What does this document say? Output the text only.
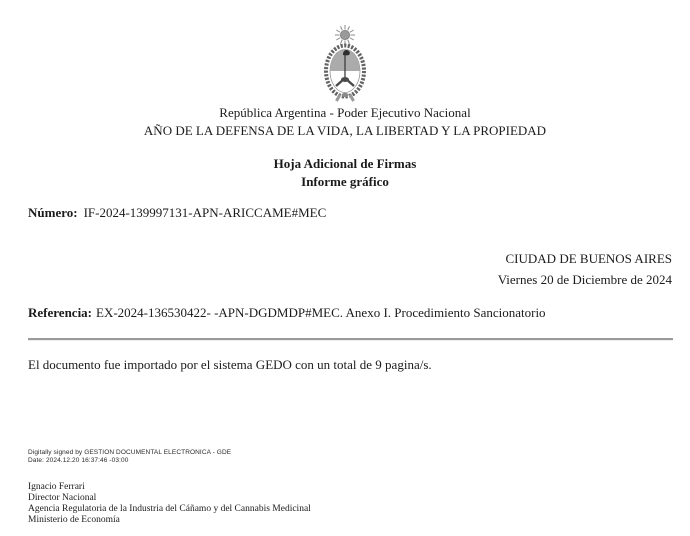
República Argentina - Poder Ejecutivo Nacional
AÑO DE LA DEFENSA DE LA VIDA, LA LIBERTAD Y LA PROPIEDAD
Hoja Adicional de Firmas
Informe gráfico
Número: IF-2024-139997131-APN-ARICCAME#MEC
CIUDAD DE BUENOS AIRES
Viernes 20 de Diciembre de 2024
Referencia: EX-2024-136530422- -APN-DGDMDP#MEC. Anexo I. Procedimiento Sancionatorio
El documento fue importado por el sistema GEDO con un total de 9 pagina/s.
Digitally signed by GESTION DOCUMENTAL ELECTRONICA - GDE
Date: 2024.12.20 16:37:46 -03:00
Ignacio Ferrari
Director Nacional
Agencia Regulatoria de la Industria del Cáñamo y del Cannabis Medicinal
Ministerio de Economía
